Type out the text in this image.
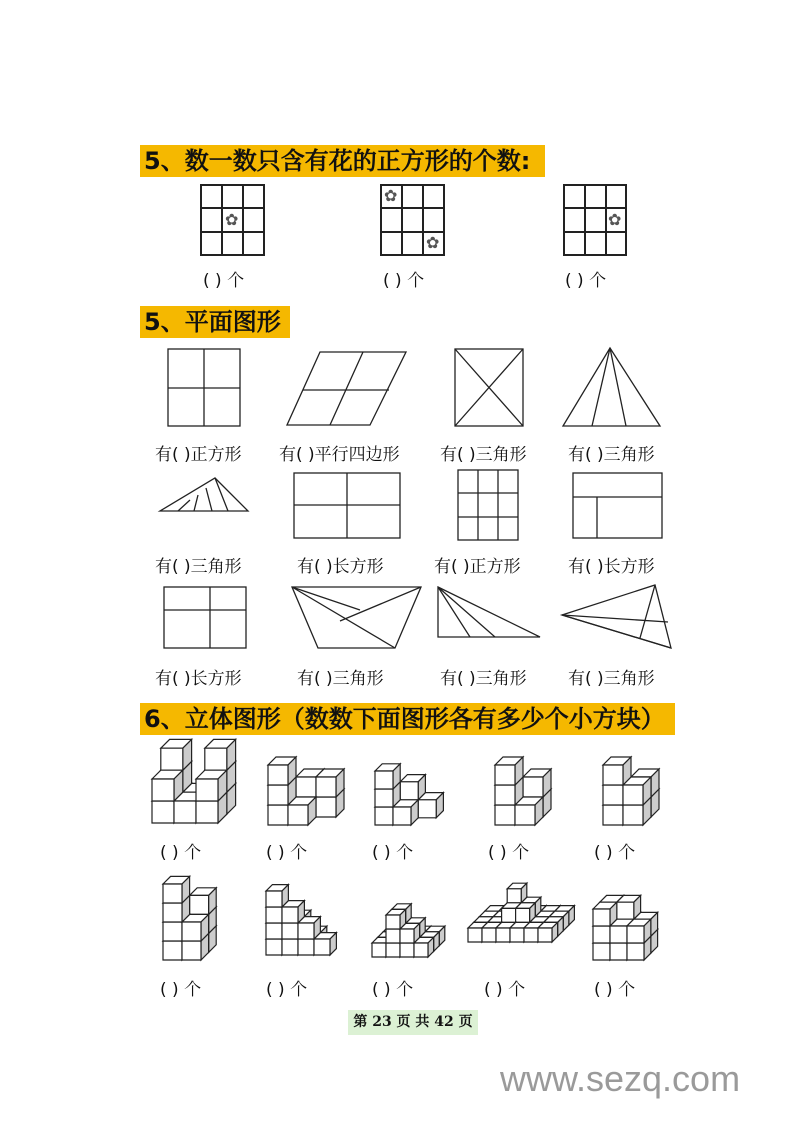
5、数一数只含有花的正方形的个数:
✿
✿
✿
✿
( ) 个	( ) 个	( ) 个
5、平面图形
有( )正方形 有( )平行四边形 有( )三角形 有( )三角形
有( )三角形	有( )长方形	有( )正方形	有( )长方形
有( )长方形	有( )三角形	有( )三角形 有( )三角形
6、立体图形（数数下面图形各有多少个小方块）
( ) 个	( ) 个	( ) 个	( ) 个	( ) 个
( ) 个	( ) 个	( ) 个	( ) 个	( ) 个
第 23 页 共 42 页
www.sezq.com
